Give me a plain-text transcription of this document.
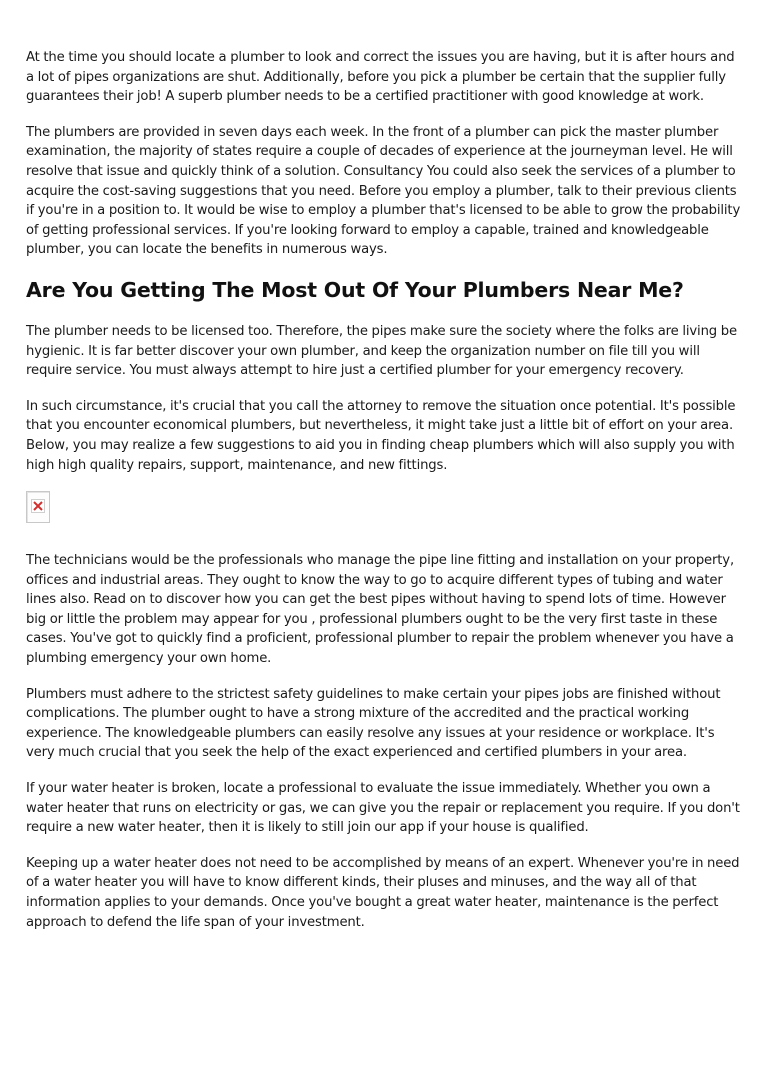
At the time you should locate a plumber to look and correct the issues you are having, but it is after hours and a lot of pipes organizations are shut. Additionally, before you pick a plumber be certain that the supplier fully guarantees their job! A superb plumber needs to be a certified practitioner with good knowledge at work.

The plumbers are provided in seven days each week. In the front of a plumber can pick the master plumber examination, the majority of states require a couple of decades of experience at the journeyman level. He will resolve that issue and quickly think of a solution. Consultancy You could also seek the services of a plumber to acquire the cost-saving suggestions that you need. Before you employ a plumber, talk to their previous clients if you're in a position to. It would be wise to employ a plumber that's licensed to be able to grow the probability of getting professional services. If you're looking forward to employ a capable, trained and knowledgeable plumber, you can locate the benefits in numerous ways.

Are You Getting The Most Out Of Your Plumbers Near Me?

The plumber needs to be licensed too. Therefore, the pipes make sure the society where the folks are living be hygienic. It is far better discover your own plumber, and keep the organization number on file till you will require service. You must always attempt to hire just a certified plumber for your emergency recovery.

In such circumstance, it's crucial that you call the attorney to remove the situation once potential. It's possible that you encounter economical plumbers, but nevertheless, it might take just a little bit of effort on your area. Below, you may realize a few suggestions to aid you in finding cheap plumbers which will also supply you with high high quality repairs, support, maintenance, and new fittings.

The technicians would be the professionals who manage the pipe line fitting and installation on your property, offices and industrial areas. They ought to know the way to go to acquire different types of tubing and water lines also. Read on to discover how you can get the best pipes without having to spend lots of time. However big or little the problem may appear for you , professional plumbers ought to be the very first taste in these cases. You've got to quickly find a proficient, professional plumber to repair the problem whenever you have a plumbing emergency your own home.

Plumbers must adhere to the strictest safety guidelines to make certain your pipes jobs are finished without complications. The plumber ought to have a strong mixture of the accredited and the practical working experience. The knowledgeable plumbers can easily resolve any issues at your residence or workplace. It's very much crucial that you seek the help of the exact experienced and certified plumbers in your area.

If your water heater is broken, locate a professional to evaluate the issue immediately. Whether you own a water heater that runs on electricity or gas, we can give you the repair or replacement you require. If you don't require a new water heater, then it is likely to still join our app if your house is qualified.

Keeping up a water heater does not need to be accomplished by means of an expert. Whenever you're in need of a water heater you will have to know different kinds, their pluses and minuses, and the way all of that information applies to your demands. Once you've bought a great water heater, maintenance is the perfect approach to defend the life span of your investment.
